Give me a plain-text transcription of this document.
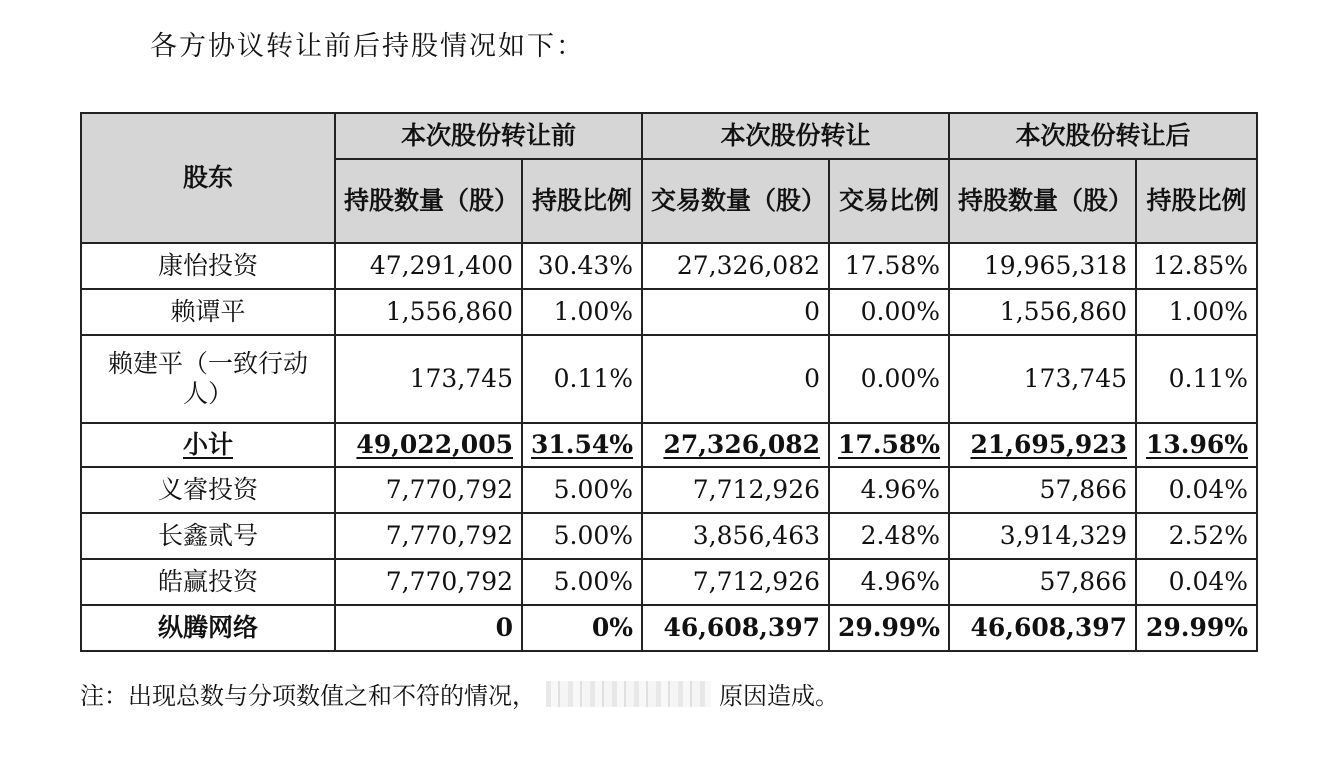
各方协议转让前后持股情况如下：
股东	本次股份转让前		本次股份转让		本次股份转让后	
	持股数量（股）	持股比例	交易数量（股）	交易比例	持股数量（股）	持股比例
康怡投资	47,291,400	30.43%	27,326,082	17.58%	19,965,318	12.85%
赖谭平	1,556,860	1.00%	0	0.00%	1,556,860	1.00%
赖建平（一致行动人）	173,745	0.11%	0	0.00%	173,745	0.11%
小计	49,022,005	31.54%	27,326,082	17.58%	21,695,923	13.96%
义睿投资	7,770,792	5.00%	7,712,926	4.96%	57,866	0.04%
长鑫贰号	7,770,792	5.00%	3,856,463	2.48%	3,914,329	2.52%
皓赢投资	7,770,792	5.00%	7,712,926	4.96%	57,866	0.04%
纵腾网络	0	0%	46,608,397	29.99%	46,608,397	29.99%
注：出现总数与分项数值之和不符的情况，	原因造成。
